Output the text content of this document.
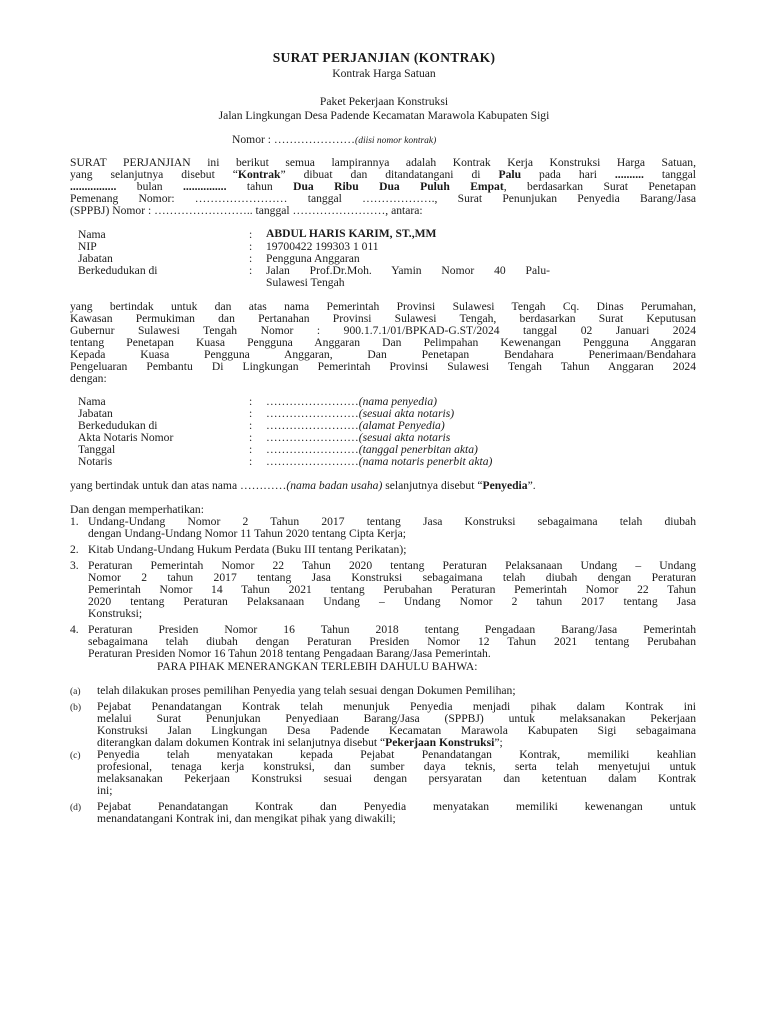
SURAT PERJANJIAN (KONTRAK)
Kontrak Harga Satuan
Paket Pekerjaan Konstruksi
Jalan Lingkungan Desa Padende Kecamatan Marawola Kabupaten Sigi
Nomor : …………………(diisi nomor kontrak)
SURAT PERJANJIAN ini berikut semua lampirannya adalah Kontrak Kerja Konstruksi Harga Satuan,
yang selanjutnya disebut “Kontrak” dibuat dan ditandatangani di Palu pada hari .......... tanggal
................ bulan ............... tahun Dua Ribu Dua Puluh Empat, berdasarkan Surat Penetapan
Pemenang Nomor: …………………… tanggal ………………., Surat Penunjukan Penyedia Barang/Jasa
(SPPBJ) Nomor : …………………….. tanggal ……………………, antara:
Nama	: ABDUL HARIS KARIM, ST.,MM
NIP	: 19700422 199303 1 011
Jabatan	: Pengguna Anggaran
Berkedudukan di	: Jalan Prof.Dr.Moh. Yamin Nomor 40 Palu-
Sulawesi Tengah
yang bertindak untuk dan atas nama Pemerintah Provinsi Sulawesi Tengah Cq. Dinas Perumahan,
Kawasan Permukiman dan Pertanahan Provinsi Sulawesi Tengah, berdasarkan Surat Keputusan
Gubernur Sulawesi Tengah Nomor : 900.1.7.1/01/BPKAD-G.ST/2024 tanggal 02 Januari 2024
tentang Penetapan Kuasa Pengguna Anggaran Dan Pelimpahan Kewenangan Pengguna Anggaran
Kepada Kuasa Pengguna Anggaran, Dan Penetapan Bendahara Penerimaan/Bendahara
Pengeluaran Pembantu Di Lingkungan Pemerintah Provinsi Sulawesi Tengah Tahun Anggaran 2024
dengan:
Nama	: ……………………(nama penyedia)
Jabatan	: ……………………(sesuai akta notaris)
Berkedudukan di	: ……………………(alamat Penyedia)
Akta Notaris Nomor	: ……………………(sesuai akta notaris
Tanggal	: ……………………(tanggal penerbitan akta)
Notaris	: ……………………(nama notaris penerbit akta)
yang bertindak untuk dan atas nama …………(nama badan usaha) selanjutnya disebut “Penyedia”.
Dan dengan memperhatikan:
1. Undang-Undang Nomor 2 Tahun 2017 tentang Jasa Konstruksi sebagaimana telah diubah
dengan Undang-Undang Nomor 11 Tahun 2020 tentang Cipta Kerja;
2. Kitab Undang-Undang Hukum Perdata (Buku III tentang Perikatan);
3. Peraturan Pemerintah Nomor 22 Tahun 2020 tentang Peraturan Pelaksanaan Undang – Undang
Nomor 2 tahun 2017 tentang Jasa Konstruksi sebagaimana telah diubah dengan Peraturan
Pemerintah Nomor 14 Tahun 2021 tentang Perubahan Peraturan Pemerintah Nomor 22 Tahun
2020 tentang Peraturan Pelaksanaan Undang – Undang Nomor 2 tahun 2017 tentang Jasa
Konstruksi;
4. Peraturan Presiden Nomor 16 Tahun 2018 tentang Pengadaan Barang/Jasa Pemerintah
sebagaimana telah diubah dengan Peraturan Presiden Nomor 12 Tahun 2021 tentang Perubahan
Peraturan Presiden Nomor 16 Tahun 2018 tentang Pengadaan Barang/Jasa Pemerintah.
PARA PIHAK MENERANGKAN TERLEBIH DAHULU BAHWA:
(a) telah dilakukan proses pemilihan Penyedia yang telah sesuai dengan Dokumen Pemilihan;
(b) Pejabat Penandatangan Kontrak telah menunjuk Penyedia menjadi pihak dalam Kontrak ini
melalui Surat Penunjukan Penyediaan Barang/Jasa (SPPBJ) untuk melaksanakan Pekerjaan
Konstruksi Jalan Lingkungan Desa Padende Kecamatan Marawola Kabupaten Sigi sebagaimana
diterangkan dalam dokumen Kontrak ini selanjutnya disebut “Pekerjaan Konstruksi”;
(c) Penyedia telah menyatakan kepada Pejabat Penandatangan Kontrak, memiliki keahlian
profesional, tenaga kerja konstruksi, dan sumber daya teknis, serta telah menyetujui untuk
melaksanakan Pekerjaan Konstruksi sesuai dengan persyaratan dan ketentuan dalam Kontrak
ini;
(d) Pejabat Penandatangan Kontrak dan Penyedia menyatakan memiliki kewenangan untuk
menandatangani Kontrak ini, dan mengikat pihak yang diwakili;
